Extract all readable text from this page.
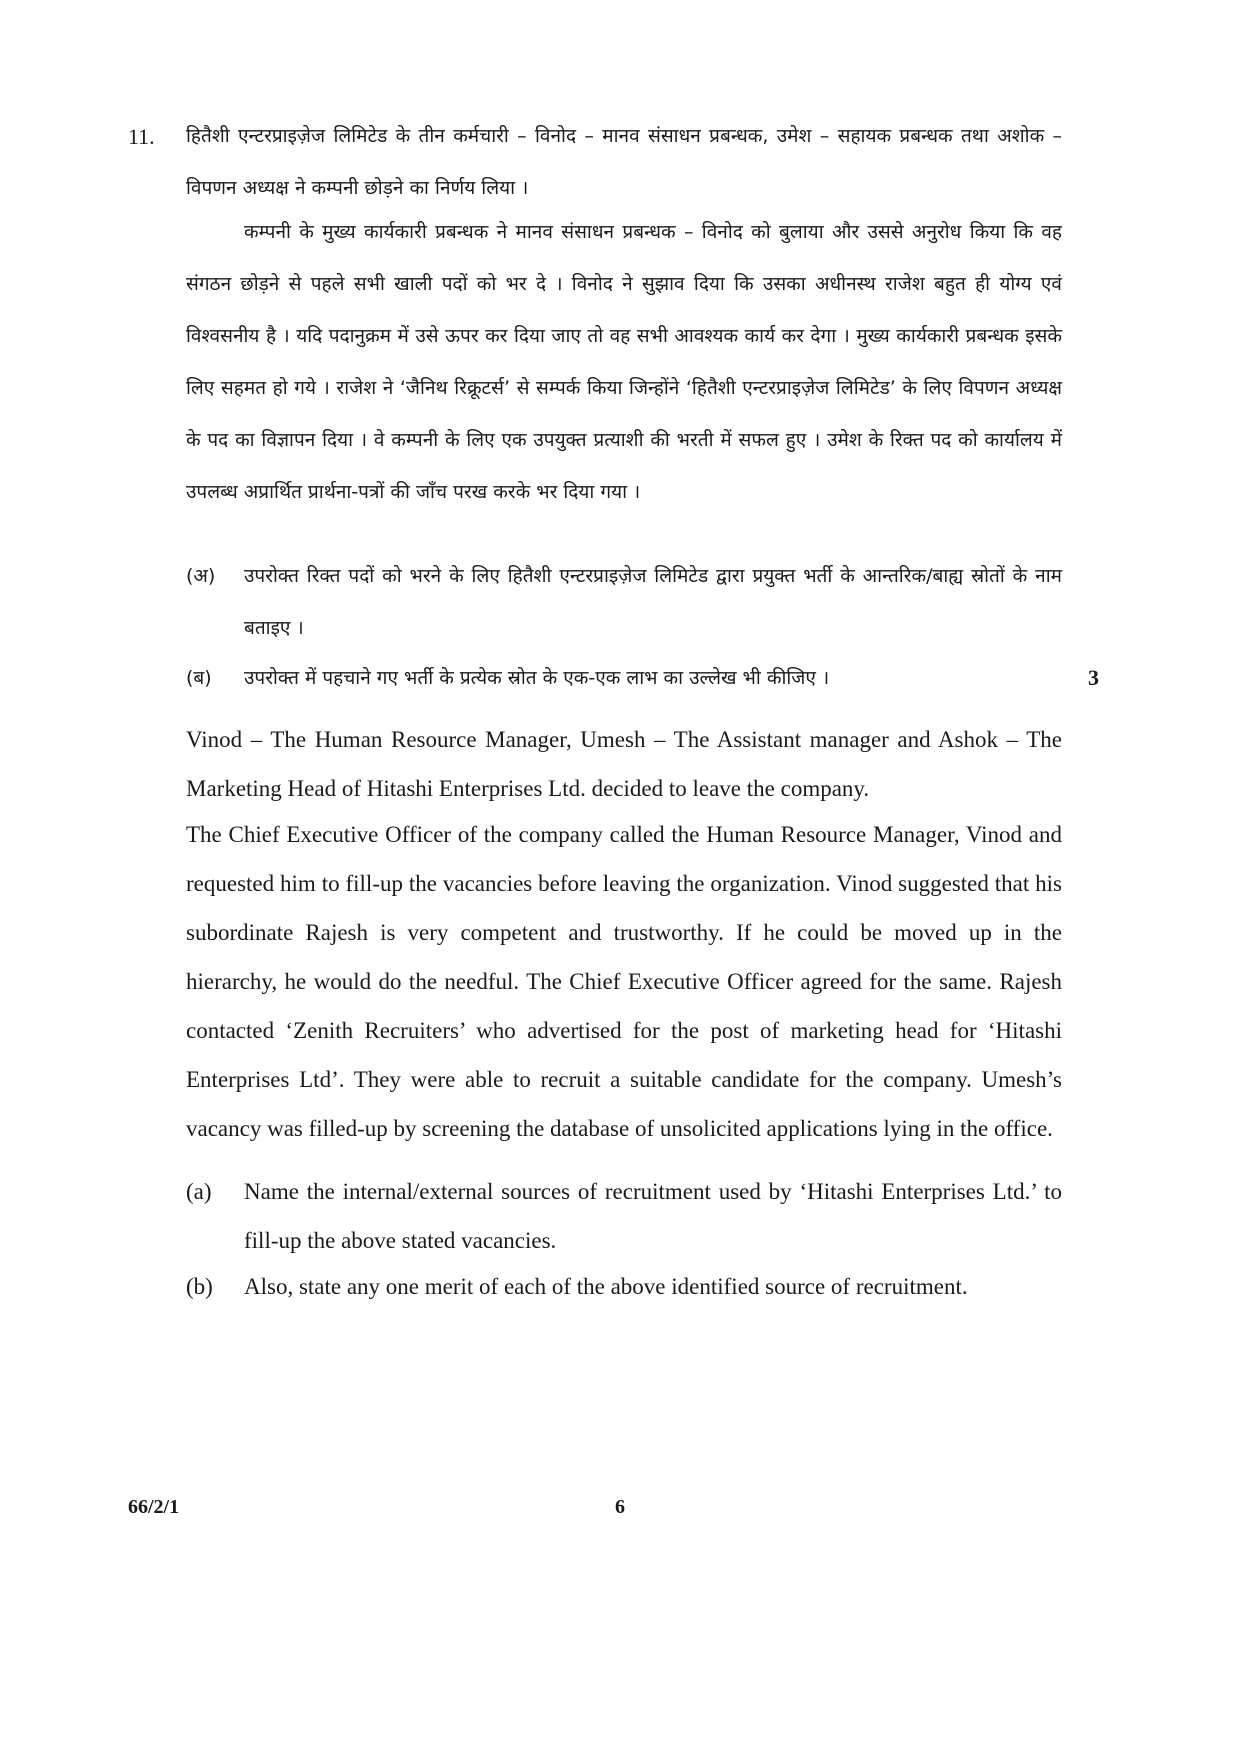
11. हितैशी एन्टरप्राइज़ेज लिमिटेड के तीन कर्मचारी – विनोद – मानव संसाधन प्रबन्धक, उमेश – सहायक प्रबन्धक तथा अशोक – विपणन अध्यक्ष ने कम्पनी छोड़ने का निर्णय लिया ।
कम्पनी के मुख्य कार्यकारी प्रबन्धक ने मानव संसाधन प्रबन्धक – विनोद को बुलाया और उससे अनुरोध किया कि वह संगठन छोड़ने से पहले सभी खाली पदों को भर दे । विनोद ने सुझाव दिया कि उसका अधीनस्थ राजेश बहुत ही योग्य एवं विश्वसनीय है । यदि पदानुक्रम में उसे ऊपर कर दिया जाए तो वह सभी आवश्यक कार्य कर देगा । मुख्य कार्यकारी प्रबन्धक इसके लिए सहमत हो गये । राजेश ने ‘जैनिथ रिक्रूटर्स’ से सम्पर्क किया जिन्होंने ‘हितैशी एन्टरप्राइज़ेज लिमिटेड’ के लिए विपणन अध्यक्ष के पद का विज्ञापन दिया । वे कम्पनी के लिए एक उपयुक्त प्रत्याशी की भरती में सफल हुए । उमेश के रिक्त पद को कार्यालय में उपलब्ध अप्रार्थित प्रार्थना-पत्रों की जाँच परख करके भर दिया गया ।
(अ) उपरोक्त रिक्त पदों को भरने के लिए हितैशी एन्टरप्राइज़ेज लिमिटेड द्वारा प्रयुक्त भर्ती के आन्तरिक/बाह्य स्रोतों के नाम बताइए ।
(ब) उपरोक्त में पहचाने गए भर्ती के प्रत्येक स्रोत के एक-एक लाभ का उल्लेख भी कीजिए ।	3
Vinod – The Human Resource Manager, Umesh – The Assistant manager and Ashok – The Marketing Head of Hitashi Enterprises Ltd. decided to leave the company.
The Chief Executive Officer of the company called the Human Resource Manager, Vinod and requested him to fill-up the vacancies before leaving the organization. Vinod suggested that his subordinate Rajesh is very competent and trustworthy. If he could be moved up in the hierarchy, he would do the needful. The Chief Executive Officer agreed for the same. Rajesh contacted ‘Zenith Recruiters’ who advertised for the post of marketing head for ‘Hitashi Enterprises Ltd’. They were able to recruit a suitable candidate for the company. Umesh’s vacancy was filled-up by screening the database of unsolicited applications lying in the office.
(a) Name the internal/external sources of recruitment used by ‘Hitashi Enterprises Ltd.’ to fill-up the above stated vacancies.
(b) Also, state any one merit of each of the above identified source of recruitment.
66/2/1	6
